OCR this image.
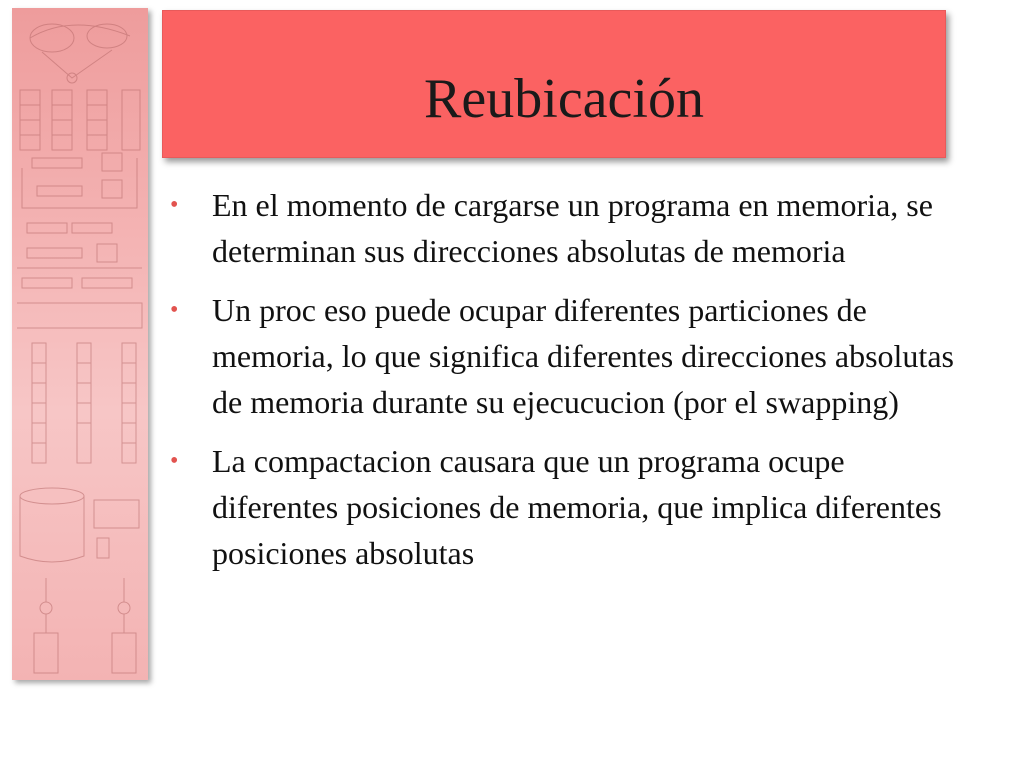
Reubicación
• En el momento de cargarse un programa en memoria, se determinan sus direcciones absolutas de memoria
• Un proc eso puede ocupar diferentes particiones de memoria, lo que significa diferentes direcciones absolutas de memoria durante su ejecucucion (por el swapping)
• La compactacion causara que un programa ocupe diferentes posiciones de memoria, que implica diferentes posiciones absolutas
